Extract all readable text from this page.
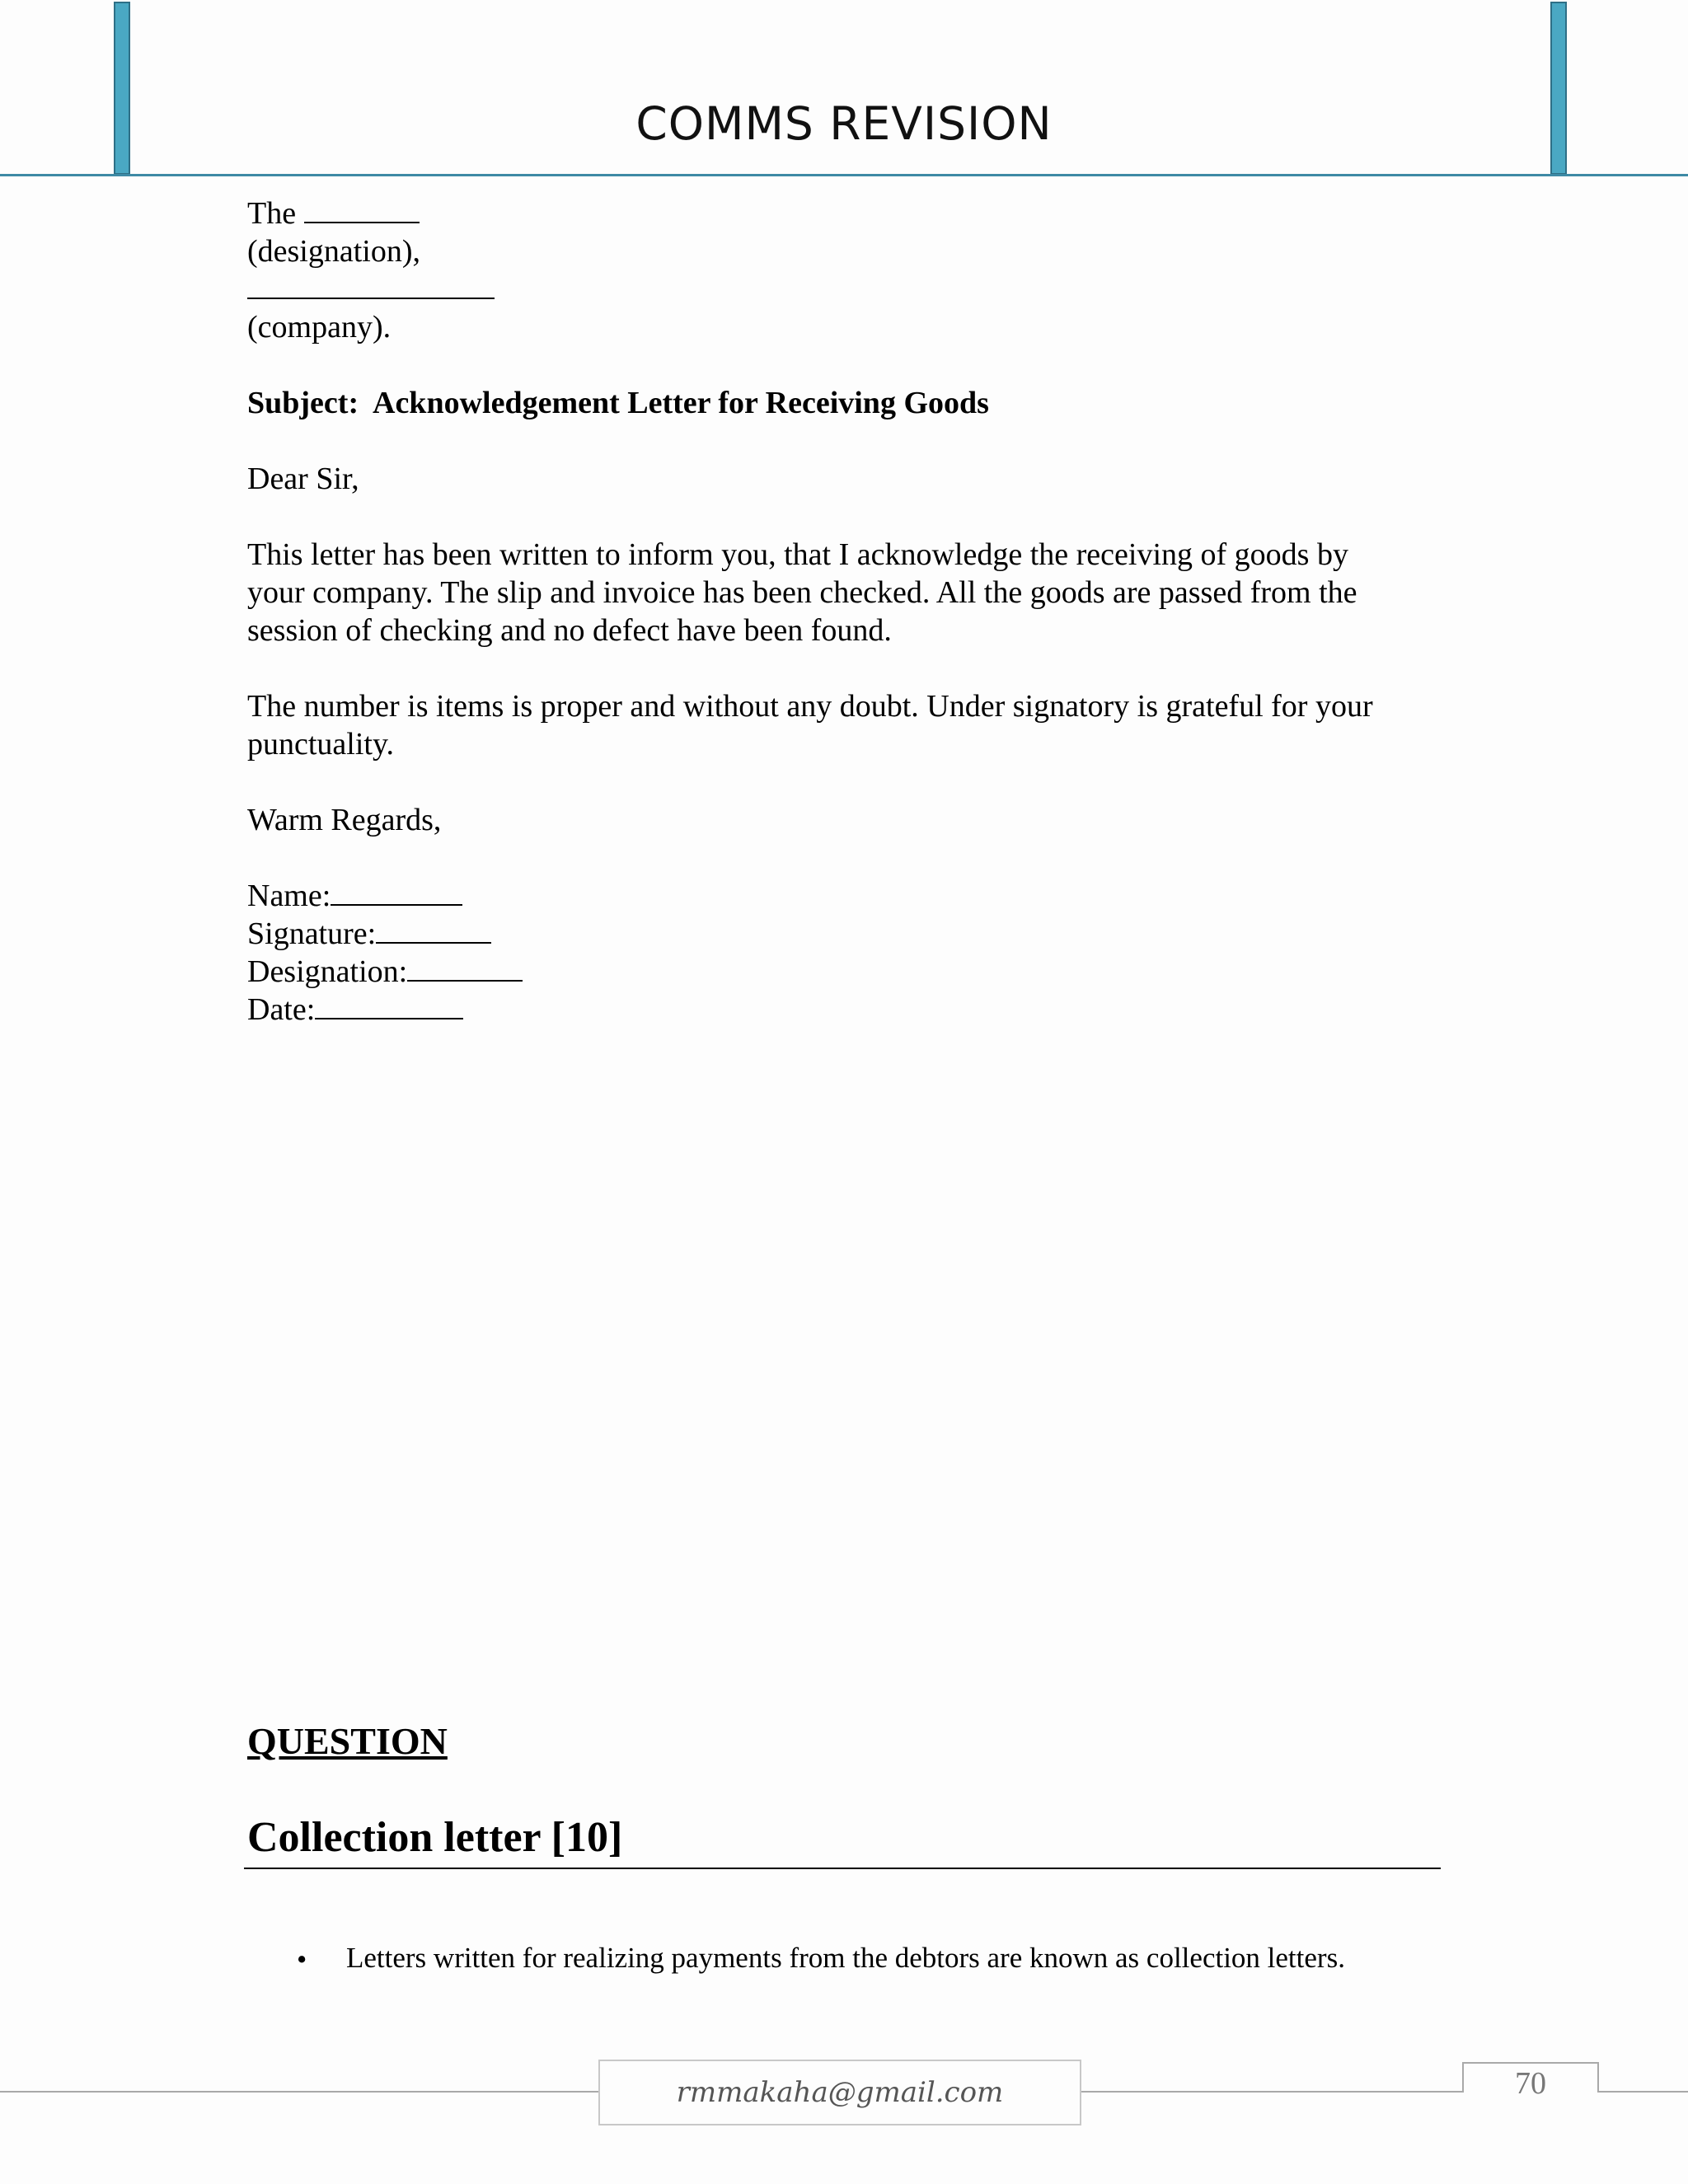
COMMS REVISION
The
(designation),
(company).
Subject:  Acknowledgement Letter for Receiving Goods
Dear Sir,
This letter has been written to inform you, that I acknowledge the receiving of goods by
your company. The slip and invoice has been checked. All the goods are passed from the
session of checking and no defect have been found.
The number is items is proper and without any doubt. Under signatory is grateful for your
punctuality.
Warm Regards,
Name:
Signature:
Designation:
Date:
QUESTION
Collection letter [10]
• Letters written for realizing payments from the debtors are known as collection letters.
rmmakaha@gmail.com	70
